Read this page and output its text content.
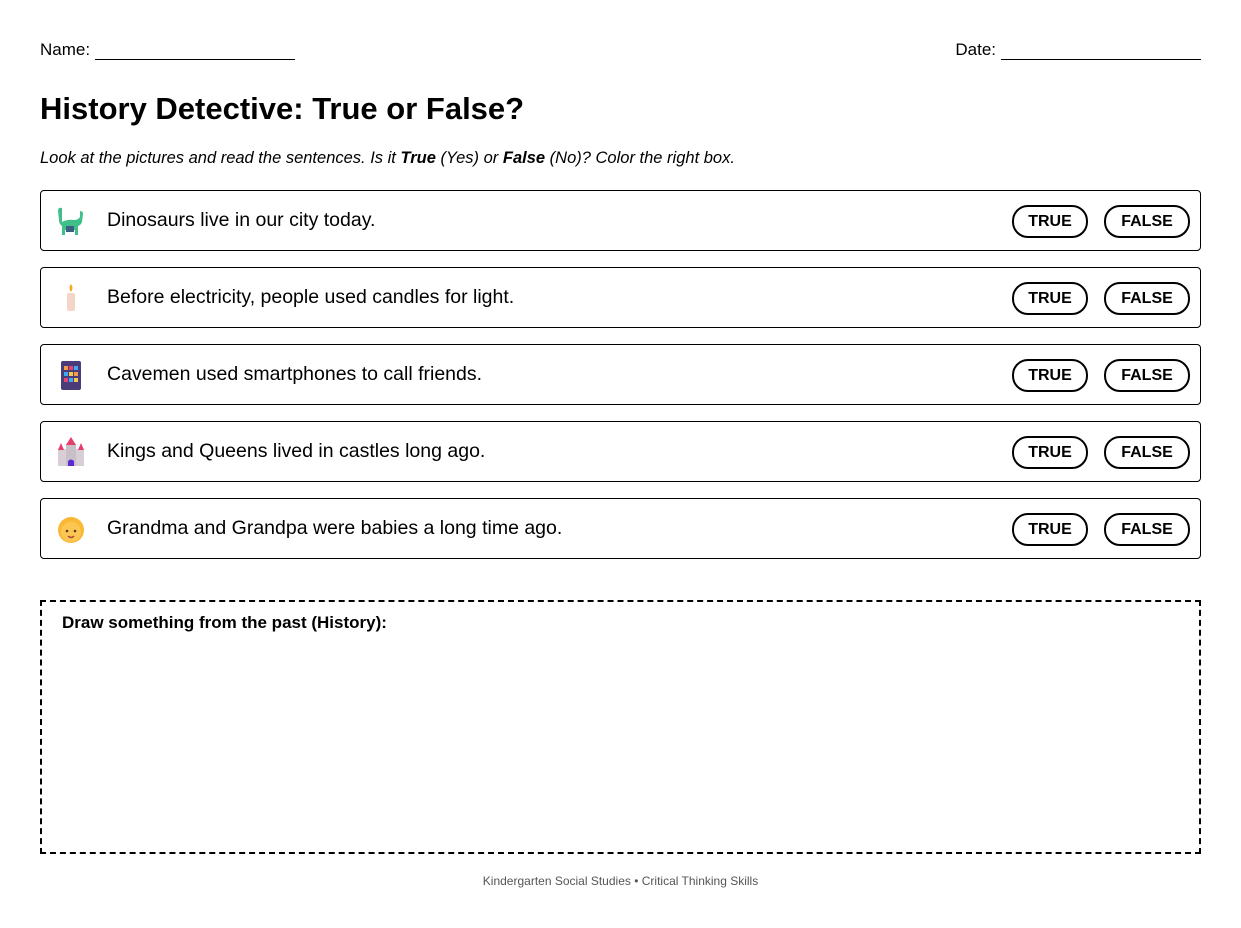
Name:	Date:
History Detective: True or False?
Look at the pictures and read the sentences. Is it True (Yes) or False (No)? Color the right box.
Dinosaurs live in our city today.	TRUE	FALSE
Before electricity, people used candles for light.	TRUE	FALSE
Cavemen used smartphones to call friends.	TRUE	FALSE
Kings and Queens lived in castles long ago.	TRUE	FALSE
Grandma and Grandpa were babies a long time ago.	TRUE	FALSE
Draw something from the past (History):
Kindergarten Social Studies • Critical Thinking Skills
